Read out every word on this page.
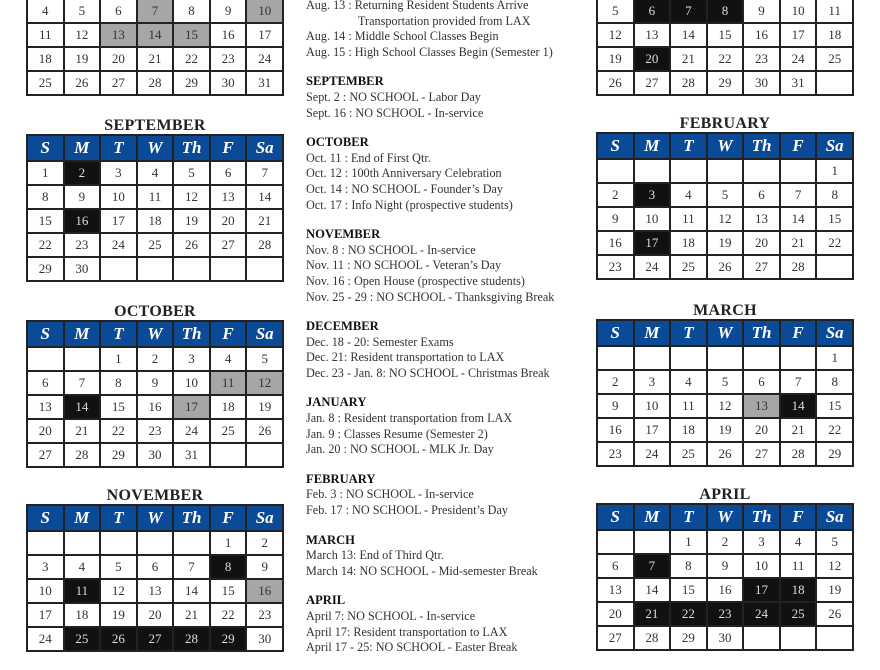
4	5	6	7	8	9	10
11	12	13	14	15	16	17
18	19	20	21	22	23	24
25	26	27	28	29	30	31
SEPTEMBER
S	M	T	W	Th	F	Sa
1	2	3	4	5	6	7
8	9	10	11	12	13	14
15	16	17	18	19	20	21
22	23	24	25	26	27	28
29	30					
OCTOBER
S	M	T	W	Th	F	Sa
		1	2	3	4	5
6	7	8	9	10	11	12
13	14	15	16	17	18	19
20	21	22	23	24	25	26
27	28	29	30	31		
NOVEMBER
S	M	T	W	Th	F	Sa
					1	2
3	4	5	6	7	8	9
10	11	12	13	14	15	16
17	18	19	20	21	22	23
24	25	26	27	28	29	30
5	6	7	8	9	10	11
12	13	14	15	16	17	18
19	20	21	22	23	24	25
26	27	28	29	30	31	
FEBRUARY
S	M	T	W	Th	F	Sa
						1
2	3	4	5	6	7	8
9	10	11	12	13	14	15
16	17	18	19	20	21	22
23	24	25	26	27	28	
MARCH
S	M	T	W	Th	F	Sa
						1
2	3	4	5	6	7	8
9	10	11	12	13	14	15
16	17	18	19	20	21	22
23	24	25	26	27	28	29
APRIL
S	M	T	W	Th	F	Sa
		1	2	3	4	5
6	7	8	9	10	11	12
13	14	15	16	17	18	19
20	21	22	23	24	25	26
27	28	29	30			
Aug. 13 : Returning Resident Students Arrive
Transportation provided from LAX
Aug. 14 : Middle School Classes Begin
Aug. 15 : High School Classes Begin (Semester 1)
SEPTEMBER
Sept. 2 : NO SCHOOL - Labor Day
Sept. 16 : NO SCHOOL - In-service
OCTOBER
Oct. 11 : End of First Qtr.
Oct. 12 : 100th Anniversary Celebration
Oct. 14 : NO SCHOOL - Founder’s Day
Oct. 17 : Info Night (prospective students)
NOVEMBER
Nov. 8 : NO SCHOOL - In-service
Nov. 11 : NO SCHOOL - Veteran’s Day
Nov. 16 : Open House (prospective students)
Nov. 25 - 29 : NO SCHOOL - Thanksgiving Break
DECEMBER
Dec. 18 - 20: Semester Exams
Dec. 21: Resident transportation to LAX
Dec. 23 - Jan. 8: NO SCHOOL - Christmas Break
JANUARY
Jan. 8 : Resident transportation from LAX
Jan. 9 : Classes Resume (Semester 2)
Jan. 20 : NO SCHOOL - MLK Jr. Day
FEBRUARY
Feb. 3 : NO SCHOOL - In-service
Feb. 17 : NO SCHOOL - President’s Day
MARCH
March 13: End of Third Qtr.
March 14: NO SCHOOL - Mid-semester Break
APRIL
April 7: NO SCHOOL - In-service
April 17: Resident transportation to LAX
April 17 - 25: NO SCHOOL - Easter Break
